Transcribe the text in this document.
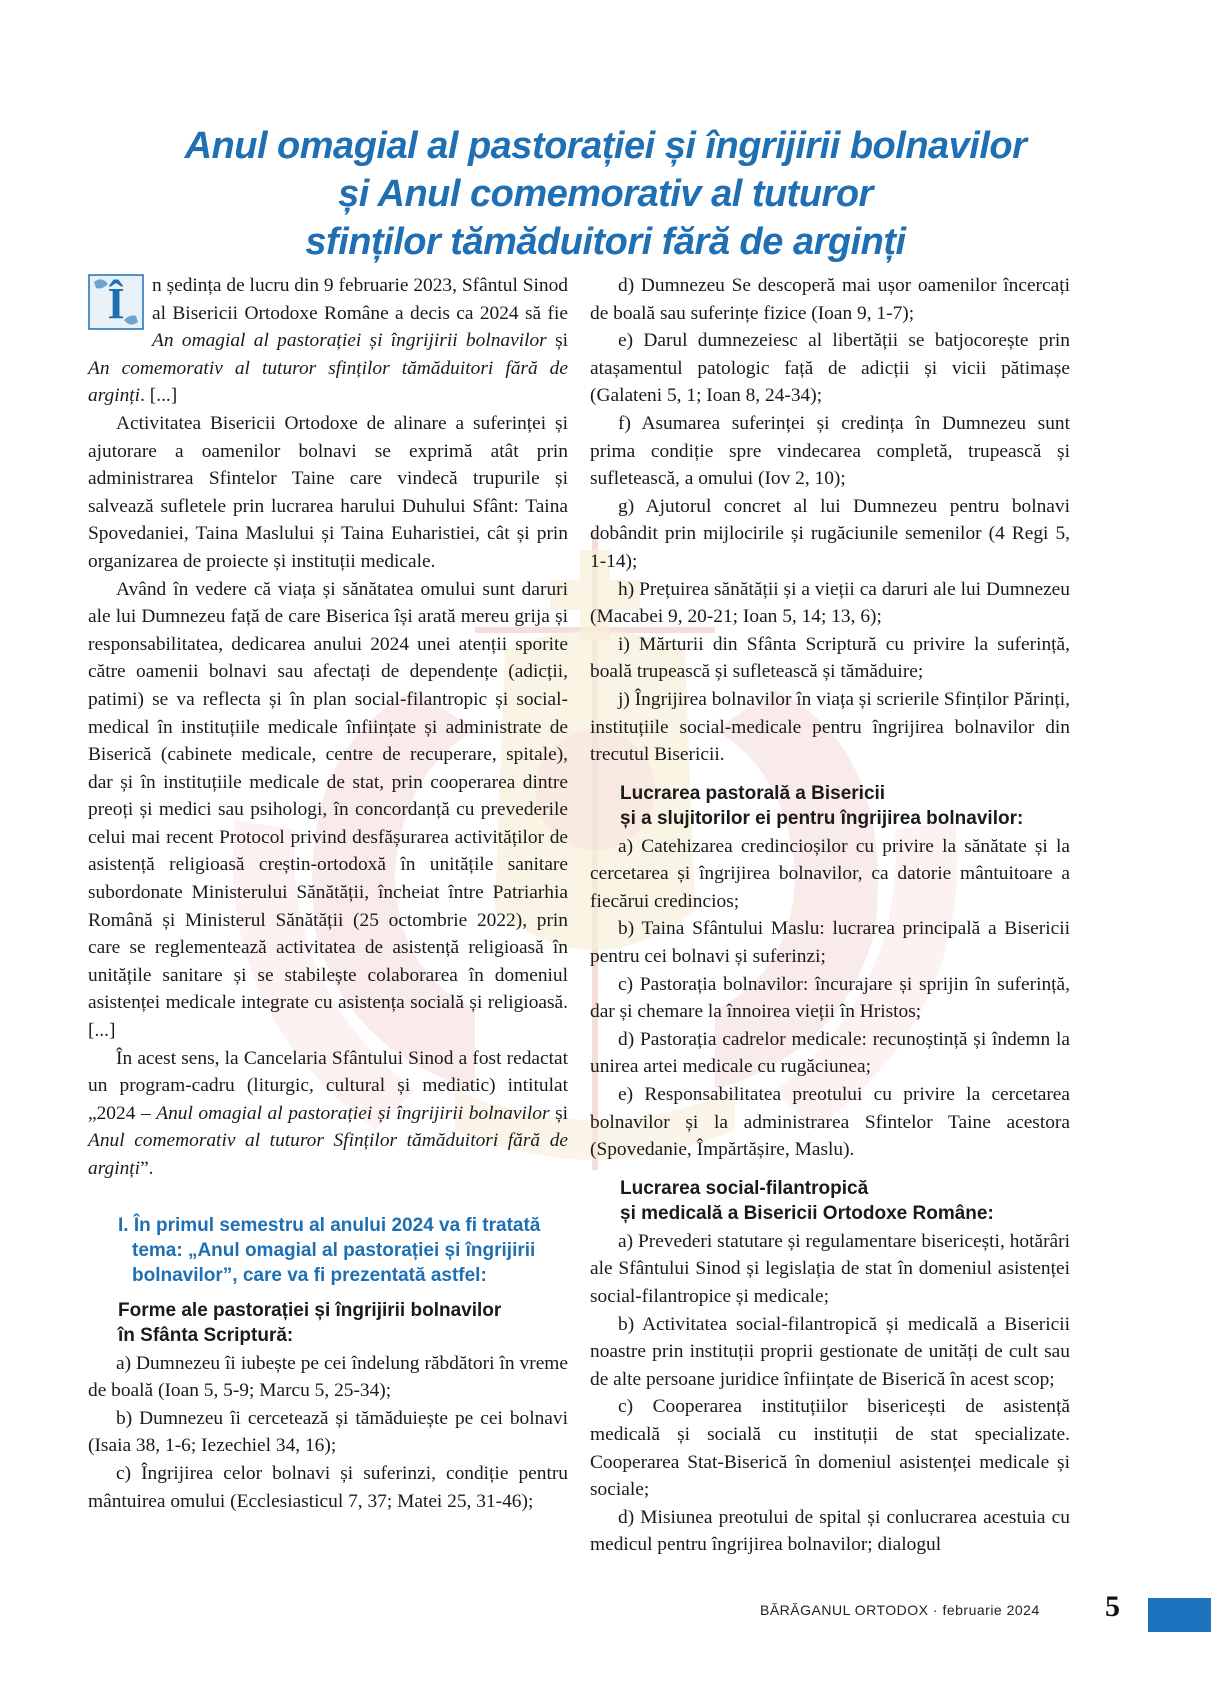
Anul omagial al pastorației și îngrijirii bolnavilor
și Anul comemorativ al tuturor
sfinților tămăduitori fără de arginți

Î n ședința de lucru din 9 februarie 2023, Sfântul Sinod al Bisericii Ortodoxe Române a decis ca 2024 să fie An omagial al pastorației și îngrijirii bolnavilor și An comemorativ al tuturor sfinților tămăduitori fără de arginți. [...]

Activitatea Bisericii Ortodoxe de alinare a suferinței și ajutorare a oamenilor bolnavi se exprimă atât prin administrarea Sfintelor Taine care vindecă trupurile și salvează sufletele prin lucrarea harului Duhului Sfânt: Taina Spovedaniei, Taina Maslului și Taina Euharistiei, cât și prin organizarea de proiecte și instituții medicale.

Având în vedere că viața și sănătatea omului sunt daruri ale lui Dumnezeu față de care Biserica își arată mereu grija și responsabilitatea, dedicarea anului 2024 unei atenții sporite către oamenii bolnavi sau afectați de dependențe (adicții, patimi) se va reflecta și în plan social-filantropic și social-medical în instituțiile medicale înființate și administrate de Biserică (cabinete medicale, centre de recuperare, spitale), dar și în instituțiile medicale de stat, prin cooperarea dintre preoți și medici sau psihologi, în concordanță cu prevederile celui mai recent Protocol privind desfășurarea activităților de asistență religioasă creștin-ortodoxă în unitățile sanitare subordonate Ministerului Sănătății, încheiat între Patriarhia Română și Ministerul Sănătății (25 octombrie 2022), prin care se reglementează activitatea de asistență religioasă în unitățile sanitare și se stabilește colaborarea în domeniul asistenței medicale integrate cu asistența socială și religioasă. [...]

În acest sens, la Cancelaria Sfântului Sinod a fost redactat un program-cadru (liturgic, cultural și mediatic) intitulat „2024 – Anul omagial al pastorației și îngrijirii bolnavilor și Anul comemorativ al tuturor Sfinților tămăduitori fără de arginți”.

I. În primul semestru al anului 2024 va fi tratată tema: „Anul omagial al pastorației și îngrijirii bolnavilor”, care va fi prezentată astfel:
Forme ale pastorației și îngrijirii bolnavilor
în Sfânta Scriptură:

a) Dumnezeu îi iubește pe cei îndelung răbdători în vreme de boală (Ioan 5, 5-9; Marcu 5, 25-34);

b) Dumnezeu îi cercetează și tămăduiește pe cei bolnavi (Isaia 38, 1-6; Iezechiel 34, 16);

c) Îngrijirea celor bolnavi și suferinzi, condiție pentru mântuirea omului (Ecclesiasticul 7, 37; Matei 25, 31-46);

d) Dumnezeu Se descoperă mai ușor oamenilor încercați de boală sau suferințe fizice (Ioan 9, 1-7);

e) Darul dumnezeiesc al libertății se batjocorește prin atașamentul patologic față de adicții și vicii pătimașe (Galateni 5, 1; Ioan 8, 24-34);

f) Asumarea suferinței și credința în Dumnezeu sunt prima condiție spre vindecarea completă, trupească și sufletească, a omului (Iov 2, 10);

g) Ajutorul concret al lui Dumnezeu pentru bolnavi dobândit prin mijlocirile și rugăciunile semenilor (4 Regi 5, 1-14);

h) Prețuirea sănătății și a vieții ca daruri ale lui Dumnezeu (Macabei 9, 20-21; Ioan 5, 14; 13, 6);

i) Mărturii din Sfânta Scriptură cu privire la suferință, boală trupească și sufletească și tămăduire;

j) Îngrijirea bolnavilor în viața și scrierile Sfinților Părinți, instituțiile social-medicale pentru îngrijirea bolnavilor din trecutul Bisericii.

Lucrarea pastorală a Bisericii
și a slujitorilor ei pentru îngrijirea bolnavilor:

a) Catehizarea credincioșilor cu privire la sănătate și la cercetarea și îngrijirea bolnavilor, ca datorie mântuitoare a fiecărui credincios;

b) Taina Sfântului Maslu: lucrarea principală a Bisericii pentru cei bolnavi și suferinzi;

c) Pastorația bolnavilor: încurajare și sprijin în suferință, dar și chemare la înnoirea vieții în Hristos;

d) Pastorația cadrelor medicale: recunoștință și îndemn la unirea artei medicale cu rugăciunea;

e) Responsabilitatea preotului cu privire la cercetarea bolnavilor și la administrarea Sfintelor Taine acestora (Spovedanie, Împărtășire, Maslu).

Lucrarea social-filantropică
și medicală a Bisericii Ortodoxe Române:

a) Prevederi statutare și regulamentare bisericești, hotărâri ale Sfântului Sinod și legislația de stat în domeniul asistenței social-filantropice și medicale;

b) Activitatea social-filantropică și medicală a Bisericii noastre prin instituții proprii gestionate de unități de cult sau de alte persoane juridice înființate de Biserică în acest scop;

c) Cooperarea instituțiilor bisericești de asistență medicală și socială cu instituții de stat specializate. Cooperarea Stat-Biserică în domeniul asistenței medicale și sociale;

d) Misiunea preotului de spital și conlucrarea acestuia cu medicul pentru îngrijirea bolnavilor; dialogul

BĂRĂGANUL ORTODOX · februarie 2024 5
